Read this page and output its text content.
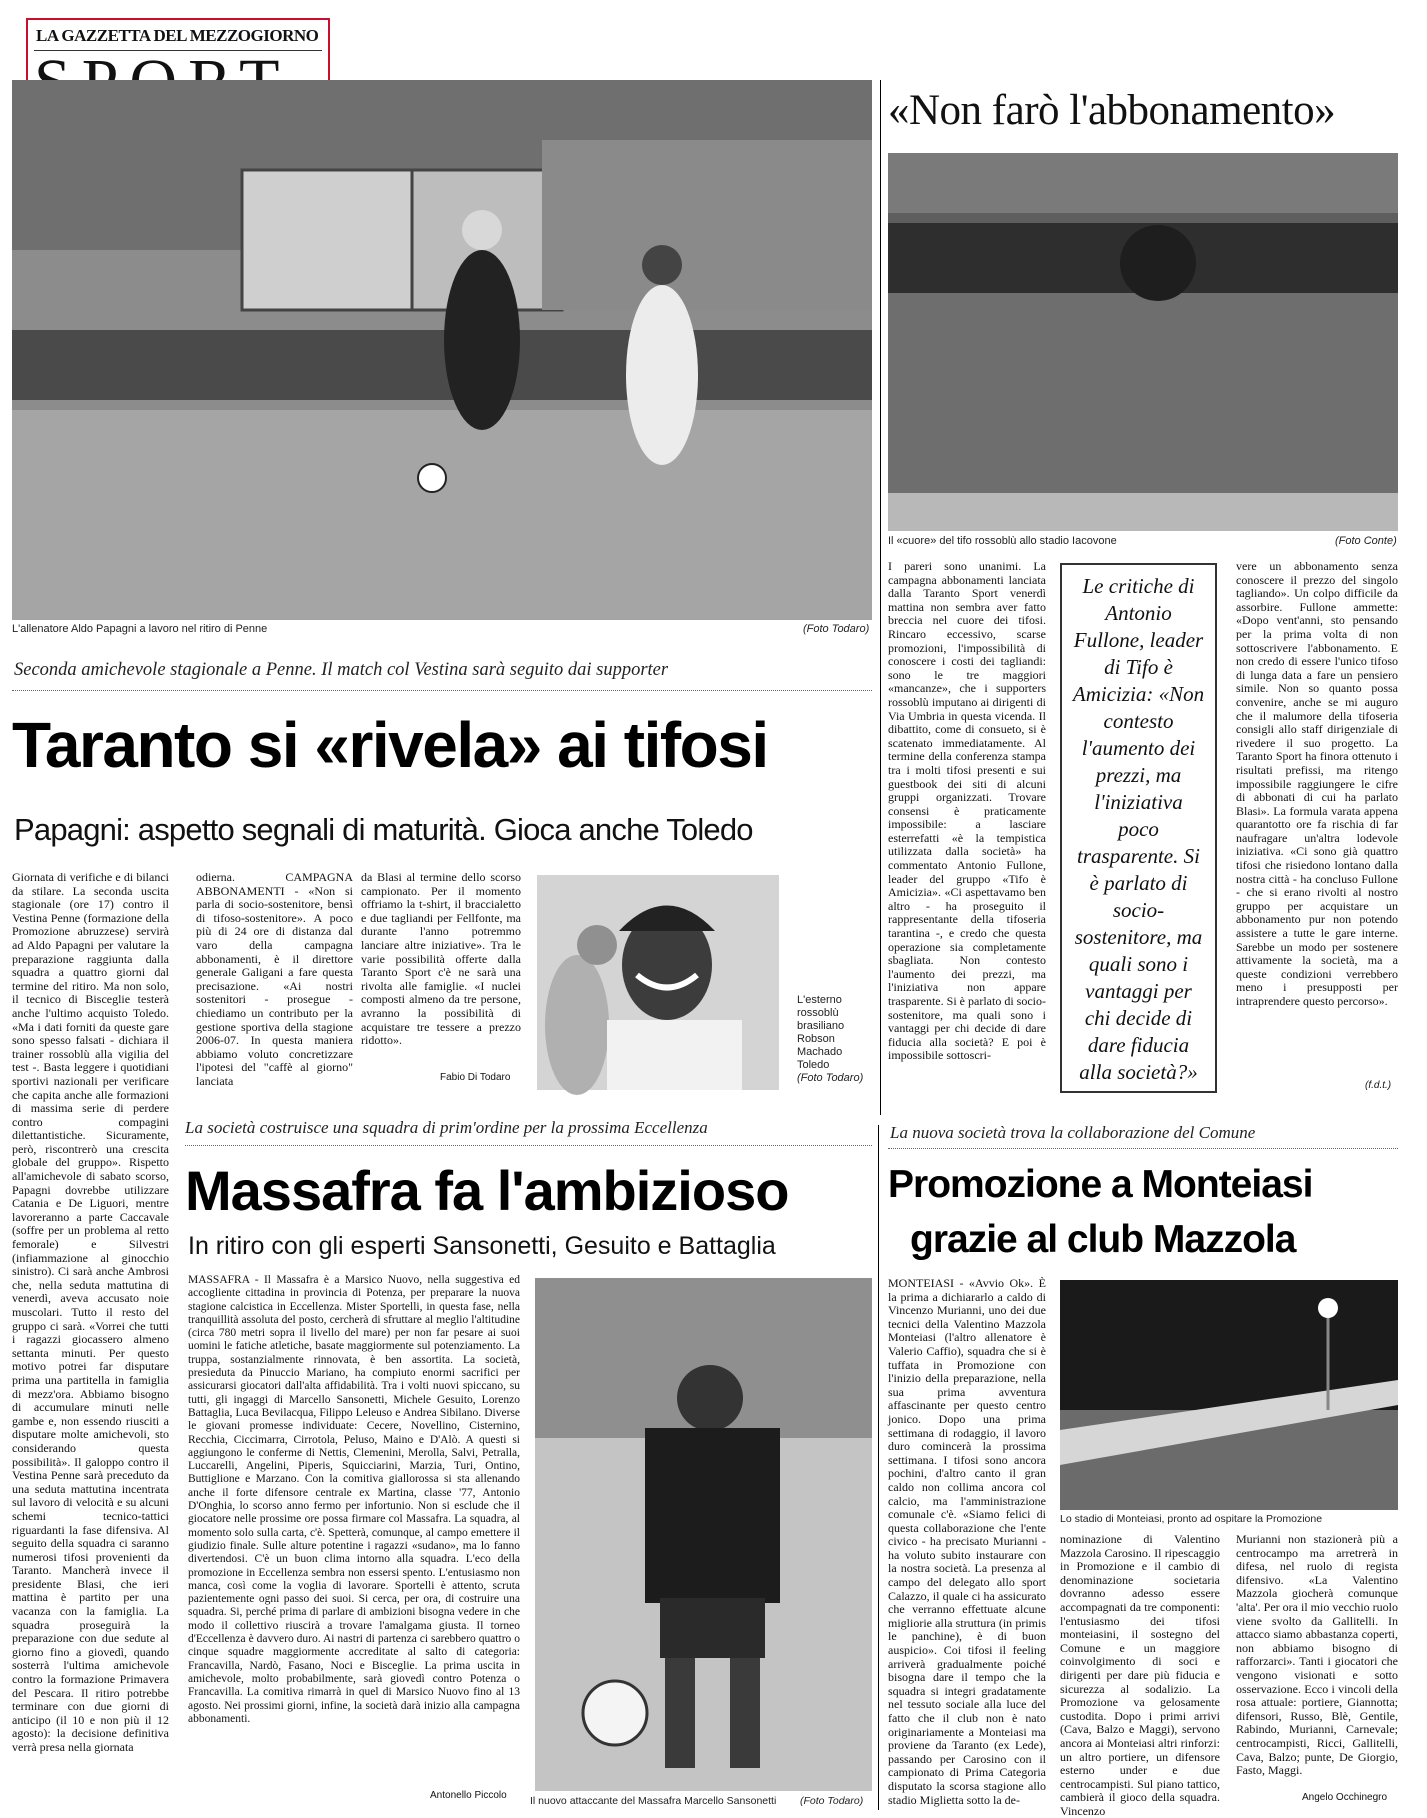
LA GAZZETTA DEL MEZZOGIORNO
L'allenatore Aldo Papagni a lavoro nel ritiro di Penne	(Foto Todaro)
Seconda amichevole stagionale a Penne. Il match col Vestina sarà seguito dai supporter
Taranto si «rivela» ai tifosi
Papagni: aspetto segnali di maturità. Gioca anche Toledo
Giornata di verifiche e di bilanci da stilare. La seconda uscita stagionale (ore 17) contro il Vestina Penne (formazione della Promozione abruzzese) servirà ad Aldo Papagni per valutare la preparazione raggiunta dalla squadra a quattro giorni dal termine del ritiro. Ma non solo, il tecnico di Bisceglie testerà anche l'ultimo acquisto Toledo. «Ma i dati forniti da queste gare sono spesso falsati - dichiara il trainer rossoblù alla vigilia del test -. Basta leggere i quotidiani sportivi nazionali per verificare che capita anche alle formazioni di massima serie di perdere contro compagini dilettantistiche. Sicuramente, però, riscontrerò una crescita globale del gruppo». Rispetto all'amichevole di sabato scorso, Papagni dovrebbe utilizzare Catania e De Liguori, mentre lavoreranno a parte Caccavale (soffre per un problema al retto femorale) e Silvestri (infiammazione al ginocchio sinistro). Ci sarà anche Ambrosi che, nella seduta mattutina di venerdì, aveva accusato noie muscolari. Tutto il resto del gruppo ci sarà. «Vorrei che tutti i ragazzi giocassero almeno settanta minuti. Per questo motivo potrei far disputare prima una partitella in famiglia di mezz'ora. Abbiamo bisogno di accumulare minuti nelle gambe e, non essendo riusciti a disputare molte amichevoli, sto considerando questa possibilità». Il galoppo contro il Vestina Penne sarà preceduto da una seduta mattutina incentrata sul lavoro di velocità e su alcuni schemi tecnico-tattici riguardanti la fase difensiva. Al seguito della squadra ci saranno numerosi tifosi provenienti da Taranto. Mancherà invece il presidente Blasi, che ieri mattina è partito per una vacanza con la famiglia. La squadra proseguirà la preparazione con due sedute al giorno fino a giovedì, quando sosterrà l'ultima amichevole contro la formazione Primavera del Pescara. Il ritiro potrebbe terminare con due giorni di anticipo (il 10 e non più il 12 agosto): la decisione definitiva verrà presa nella giornata
odierna. CAMPAGNA ABBONAMENTI - «Non si parla di socio-sostenitore, bensì di tifoso-sostenitore». A poco più di 24 ore di distanza dal varo della campagna abbonamenti, è il direttore generale Galigani a fare questa precisazione. «Ai nostri sostenitori - prosegue - chiediamo un contributo per la gestione sportiva della stagione 2006-07. In questa maniera abbiamo voluto concretizzare l'ipotesi del "caffè al giorno" lanciata
da Blasi al termine dello scorso campionato. Per il momento offriamo la t-shirt, il braccialetto e due tagliandi per Fellfonte, ma durante l'anno potremmo lanciare altre iniziative». Tra le varie possibilità offerte dalla Taranto Sport c'è ne sarà una rivolta alle famiglie. «I nuclei composti almeno da tre persone, avranno la possibilità di acquistare tre tessere a prezzo ridotto».
Fabio Di Todaro
L'esterno rossoblù brasiliano Robson Machado Toledo
(Foto Todaro)
«Non farò l'abbonamento»
Il «cuore» del tifo rossoblù allo stadio Iacovone	(Foto Conte)
I pareri sono unanimi. La campagna abbonamenti lanciata dalla Taranto Sport venerdì mattina non sembra aver fatto breccia nel cuore dei tifosi. Rincaro eccessivo, scarse promozioni, l'impossibilità di conoscere i costi dei tagliandi: sono le tre maggiori «mancanze», che i supporters rossoblù imputano ai dirigenti di Via Umbria in questa vicenda. Il dibattito, come di consueto, si è scatenato immediatamente. Al termine della conferenza stampa tra i molti tifosi presenti e sui guestbook dei siti di alcuni gruppi organizzati. Trovare consensi è praticamente impossibile: a lasciare esterrefatti «è la tempistica utilizzata dalla società» ha commentato Antonio Fullone, leader del gruppo «Tifo è Amicizia». «Ci aspettavamo ben altro - ha proseguito il rappresentante della tifoseria tarantina -, e credo che questa operazione sia completamente sbagliata. Non contesto l'aumento dei prezzi, ma l'iniziativa non appare trasparente. Si è parlato di socio-sostenitore, ma quali sono i vantaggi per chi decide di dare fiducia alla società? E poi è impossibile sottoscri-
Le critiche di Antonio Fullone, leader di Tifo è Amicizia: «Non contesto l'aumento dei prezzi, ma l'iniziativa poco trasparente. Si è parlato di socio-sostenitore, ma quali sono i vantaggi per chi decide di dare fiducia alla società?»
vere un abbonamento senza conoscere il prezzo del singolo tagliando». Un colpo difficile da assorbire. Fullone ammette: «Dopo vent'anni, sto pensando per la prima volta di non sottoscrivere l'abbonamento. E non credo di essere l'unico tifoso di lunga data a fare un pensiero simile. Non so quanto possa convenire, anche se mi auguro che il malumore della tifoseria consigli allo staff dirigenziale di rivedere il suo progetto. La Taranto Sport ha finora ottenuto i risultati prefissi, ma ritengo impossibile raggiungere le cifre di abbonati di cui ha parlato Blasi». La formula varata appena quarantotto ore fa rischia di far naufragare un'altra lodevole iniziativa. «Ci sono già quattro tifosi che risiedono lontano dalla nostra città - ha concluso Fullone - che si erano rivolti al nostro gruppo per acquistare un abbonamento pur non potendo assistere a tutte le gare interne. Sarebbe un modo per sostenere attivamente la società, ma a queste condizioni verrebbero meno i presupposti per intraprendere questo percorso».
(f.d.t.)
La società costruisce una squadra di prim'ordine per la prossima Eccellenza
Massafra fa l'ambizioso
In ritiro con gli esperti Sansonetti, Gesuito e Battaglia
MASSAFRA - Il Massafra è a Marsico Nuovo, nella suggestiva ed accogliente cittadina in provincia di Potenza, per preparare la nuova stagione calcistica in Eccellenza. Mister Sportelli, in questa fase, nella tranquillità assoluta del posto, cercherà di sfruttare al meglio l'altitudine (circa 780 metri sopra il livello del mare) per non far pesare ai suoi uomini le fatiche atletiche, basate maggiormente sul potenziamento. La truppa, sostanzialmente rinnovata, è ben assortita. La società, presieduta da Pinuccio Mariano, ha compiuto enormi sacrifici per assicurarsi giocatori dall'alta affidabilità. Tra i volti nuovi spiccano, su tutti, gli ingaggi di Marcello Sansonetti, Michele Gesuito, Lorenzo Battaglia, Luca Bevilacqua, Filippo Leleuso e Andrea Sibilano. Diverse le giovani promesse individuate: Cecere, Novellino, Cisternino, Recchia, Ciccimarra, Cirrotola, Peluso, Maino e D'Alò. A questi si aggiungono le conferme di Nettis, Clemenini, Merolla, Salvi, Petralla, Luccarelli, Angelini, Piperis, Squicciarini, Marzia, Turi, Ontino, Buttiglione e Marzano. Con la comitiva giallorossa si sta allenando anche il forte difensore centrale ex Martina, classe '77, Antonio D'Onghia, lo scorso anno fermo per infortunio. Non si esclude che il giocatore nelle prossime ore possa firmare col Massafra. La squadra, al momento solo sulla carta, c'è. Spetterà, comunque, al campo emettere il giudizio finale. Sulle alture potentine i ragazzi «sudano», ma lo fanno divertendosi. C'è un buon clima intorno alla squadra. L'eco della promozione in Eccellenza sembra non essersi spento. L'entusiasmo non manca, così come la voglia di lavorare. Sportelli è attento, scruta pazientemente ogni passo dei suoi. Si cerca, per ora, di costruire una squadra. Si, perché prima di parlare di ambizioni bisogna vedere in che modo il collettivo riuscirà a trovare l'amalgama giusta. Il torneo d'Eccellenza è davvero duro. Ai nastri di partenza ci sarebbero quattro o cinque squadre maggiormente accreditate al salto di categoria: Francavilla, Nardò, Fasano, Noci e Bisceglie. La prima uscita in amichevole, molto probabilmente, sarà giovedì contro Potenza o Francavilla. La comitiva rimarrà in quel di Marsico Nuovo fino al 13 agosto. Nei prossimi giorni, infine, la società darà inizio alla campagna abbonamenti.
Antonello Piccolo Il nuovo attaccante del Massafra Marcello Sansonetti (Foto Todaro)
La nuova società trova la collaborazione del Comune
Promozione a Monteiasi
grazie al club Mazzola
MONTEIASI - «Avvio Ok». È la prima a dichiararlo a caldo di Vincenzo Murianni, uno dei due tecnici della Valentino Mazzola Monteiasi (l'altro allenatore è Valerio Caffio), squadra che si è tuffata in Promozione con l'inizio della preparazione, nella sua prima avventura affascinante per questo centro jonico. Dopo una prima settimana di rodaggio, il lavoro duro comincerà la prossima settimana. I tifosi sono ancora pochini, d'altro canto il gran caldo non collima ancora col calcio, ma l'amministrazione comunale c'è. «Siamo felici di questa collaborazione che l'ente civico - ha precisato Murianni - ha voluto subito instaurare con la nostra società. La presenza al campo del delegato allo sport Calazzo, il quale ci ha assicurato che verranno effettuate alcune migliorie alla struttura (in primis le panchine), è di buon auspicio». Coi tifosi il feeling arriverà gradualmente poiché bisogna dare il tempo che la squadra si integri gradatamente nel tessuto sociale alla luce del fatto che il club non è nato originariamente a Monteiasi ma proviene da Taranto (ex Lede), passando per Carosino con il campionato di Prima Categoria disputato la scorsa stagione allo stadio Miglietta sotto la de-
Lo stadio di Monteiasi, pronto ad ospitare la Promozione
nominazione di Valentino Mazzola Carosino. Il ripescaggio in Promozione e il cambio di denominazione societaria dovranno adesso essere accompagnati da tre componenti: l'entusiasmo dei tifosi monteiasini, il sostegno del Comune e un maggiore coinvolgimento di soci e dirigenti per dare più fiducia e sicurezza al sodalizio. La Promozione va gelosamente custodita. Dopo i primi arrivi (Cava, Balzo e Maggi), servono ancora ai Monteiasi altri rinforzi: un altro portiere, un difensore esterno under e due centrocampisti. Sul piano tattico, cambierà il gioco della squadra. Vincenzo
Murianni non stazionerà più a centrocampo ma arretrerà in difesa, nel ruolo di regista difensivo. «La Valentino Mazzola giocherà comunque 'alta'. Per ora il mio vecchio ruolo viene svolto da Gallitelli. In attacco siamo abbastanza coperti, non abbiamo bisogno di rafforzarci». Tanti i giocatori che vengono visionati e sotto osservazione. Ecco i vincoli della rosa attuale: portiere, Giannotta; difensori, Russo, Blè, Gentile, Rabindo, Murianni, Carnevale; centrocampisti, Ricci, Gallitelli, Cava, Balzo; punte, De Giorgio, Fasto, Maggi.
Angelo Occhinegro
